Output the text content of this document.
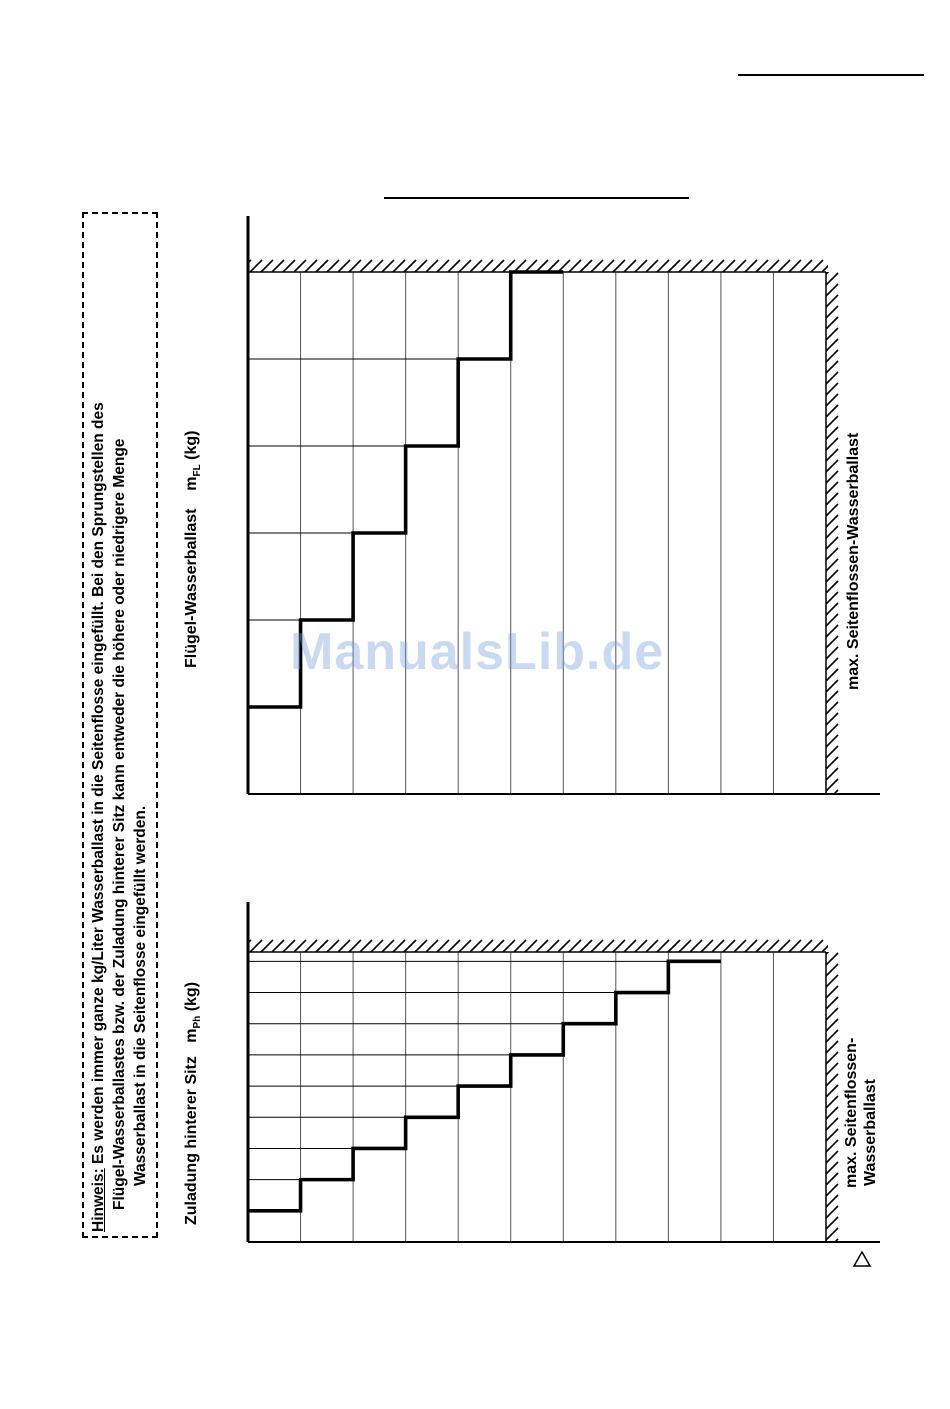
Hinweis: Es werden immer ganze kg/Liter Wasserballast in die Seitenflosse eingefüllt. Bei den Sprungstellen des Flügel-Wasserballastes bzw. der Zuladung hinterer Sitz kann entweder die höhere oder niedrigere Menge Wasserballast in die Seitenflosse eingefüllt werden.
Flügel-Wasserballast    $m_{FL}$ (kg)
Zuladung hinterer Sitz   $m_{Ph}$ (kg)
max. Seitenflossen-Wasserballast
max. Seitenflossen- Wasserballast
ManualsLib.de
